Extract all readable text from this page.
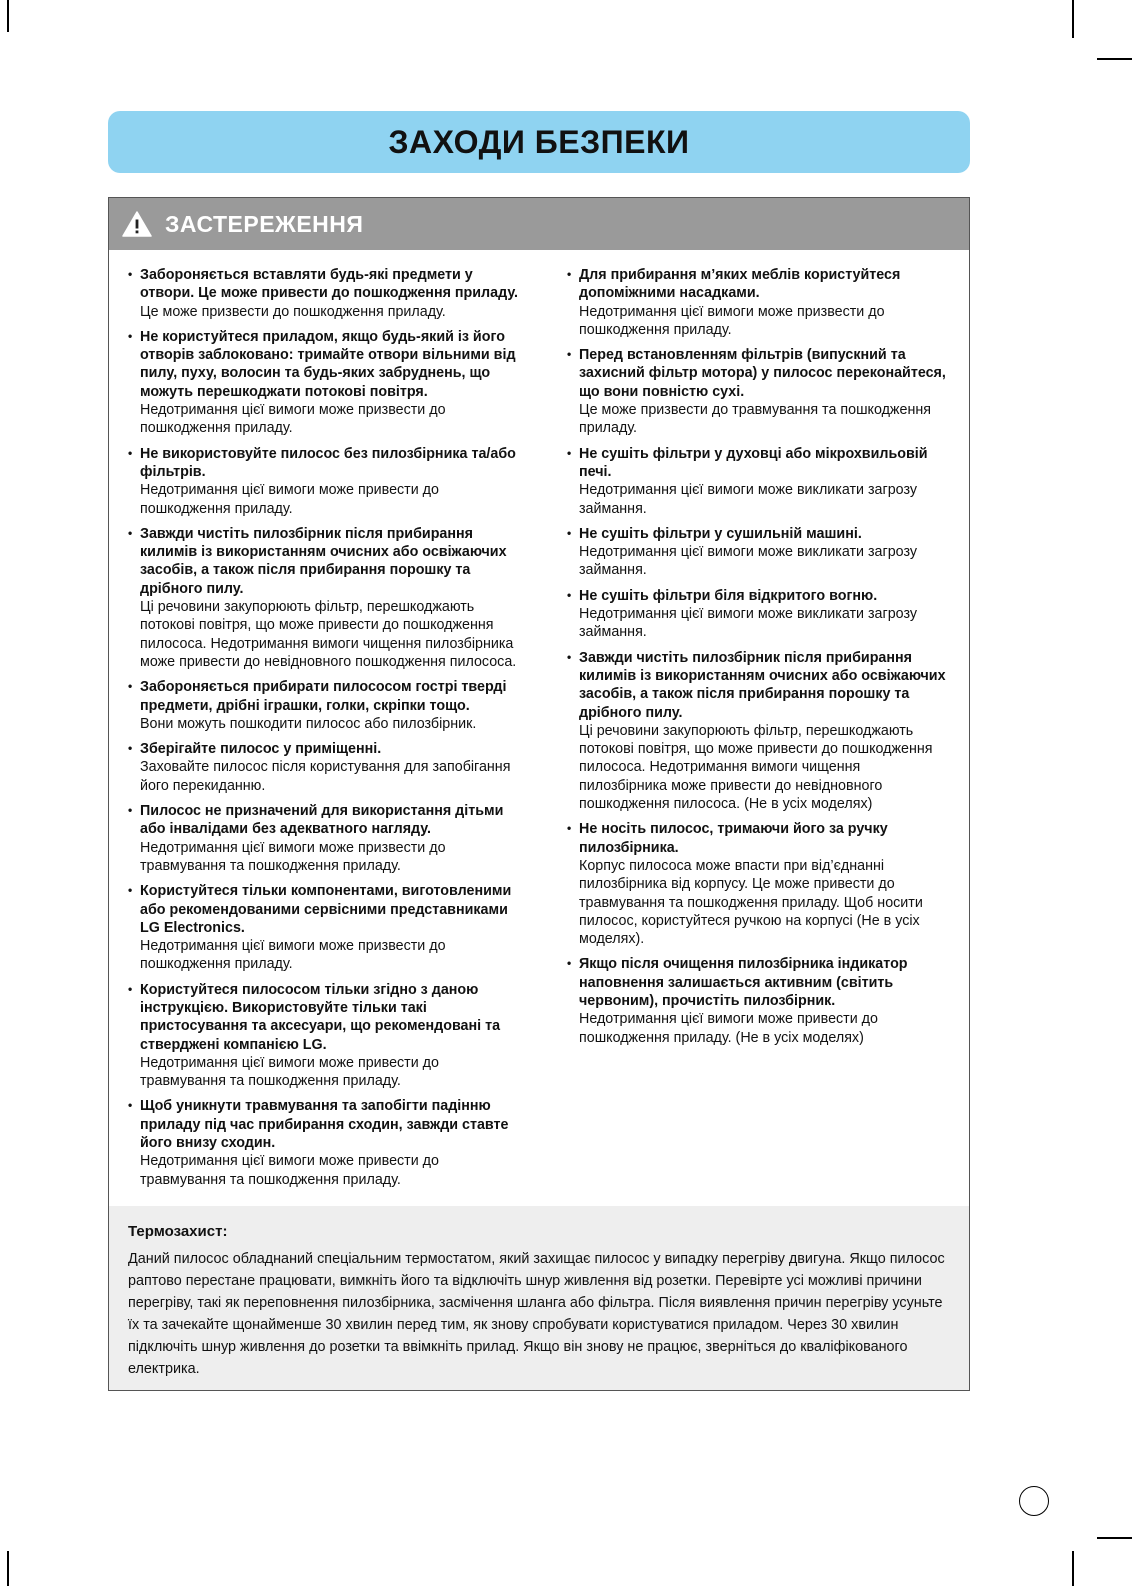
ЗАХОДИ БЕЗПЕКИ
ЗАСТЕРЕЖЕННЯ
• Забороняється вставляти будь-які предмети у отвори. Це може привести до пошкодження приладу.
Це може призвести до пошкодження приладу.
• Не користуйтеся приладом, якщо будь-який із його отворів заблоковано: тримайте отвори вільними від пилу, пуху, волосин та будь-яких забруднень, що можуть перешкоджати потокові повітря.
Недотримання цієї вимоги може призвести до пошкодження приладу.
• Не використовуйте пилосос без пилозбірника та/або фільтрів.
Недотримання цієї вимоги може привести до пошкодження приладу.
• Завжди чистіть пилозбірник після прибирання килимів із використанням очисних або освіжаючих засобів, а також після прибирання порошку та дрібного пилу.
Ці речовини закупорюють фільтр, перешкоджають потокові повітря, що може привести до пошкодження пилососа. Недотримання вимоги чищення пилозбірника може привести до невідновного пошкодження пилососа.
• Забороняється прибирати пилососом гострі тверді предмети, дрібні іграшки, голки, скріпки тощо.
Вони можуть пошкодити пилосос або пилозбірник.
• Зберігайте пилосос у приміщенні.
Заховайте пилосос після користування для запобігання його перекиданню.
• Пилосос не призначений для використання дітьми або інвалідами без адекватного нагляду.
Недотримання цієї вимоги може призвести до травмування та пошкодження приладу.
• Користуйтеся тільки компонентами, виготовленими або рекомендованими сервісними представниками LG Electronics.
Недотримання цієї вимоги може призвести до пошкодження приладу.
• Користуйтеся пилососом тільки згідно з даною інструкцією. Використовуйте тільки такі пристосування та аксесуари, що рекомендовані та стверджені компанією LG.
Недотримання цієї вимоги може привести до травмування та пошкодження приладу.
• Щоб уникнути травмування та запобігти падінню приладу під час прибирання сходин, завжди ставте його внизу сходин.
Недотримання цієї вимоги може привести до травмування та пошкодження приладу.
• Для прибирання м’яких меблів користуйтеся допоміжними насадками.
Недотримання цієї вимоги може призвести до пошкодження приладу.
• Перед встановленням фільтрів (випускний та захисний фільтр мотора) у пилосос переконайтеся, що вони повністю сухі.
Це може призвести до травмування та пошкодження приладу.
• Не сушіть фільтри у духовці або мікрохвильовій печі.
Недотримання цієї вимоги може викликати загрозу займання.
• Не сушіть фільтри у сушильній машині.
Недотримання цієї вимоги може викликати загрозу займання.
• Не сушіть фільтри біля відкритого вогню.
Недотримання цієї вимоги може викликати загрозу займання.
• Завжди чистіть пилозбірник після прибирання килимів із використанням очисних або освіжаючих засобів, а також після прибирання порошку та дрібного пилу.
Ці речовини закупорюють фільтр, перешкоджають потокові повітря, що може привести до пошкодження пилососа. Недотримання вимоги чищення пилозбірника може привести до невідновного пошкодження пилососа. (Не в усіх моделях)
• Не носіть пилосос, тримаючи його за ручку пилозбірника.
Корпус пилососа може впасти при від’єднанні пилозбірника від корпусу. Це може привести до травмування та пошкодження приладу. Щоб носити пилосос, користуйтеся ручкою на корпусі (Не в усіх моделях).
• Якщо після очищення пилозбірника індикатор наповнення залишається активним (світить червоним), прочистіть пилозбірник.
Недотримання цієї вимоги може привести до пошкодження приладу. (Не в усіх моделях)
Термозахист:
Даний пилосос обладнаний спеціальним термостатом, який захищає пилосос у випадку перегріву двигуна. Якщо пилосос раптово перестане працювати, вимкніть його та відключіть шнур живлення від розетки. Перевірте усі можливі причини перегріву, такі як переповнення пилозбірника, засмічення шланга або фільтра. Після виявлення причин перегріву усуньте їх та зачекайте щонайменше 30 хвилин перед тим, як знову спробувати користуватися приладом. Через 30 хвилин підключіть шнур живлення до розетки та ввімкніть прилад. Якщо він знову не працює, зверніться до кваліфікованого електрика.
